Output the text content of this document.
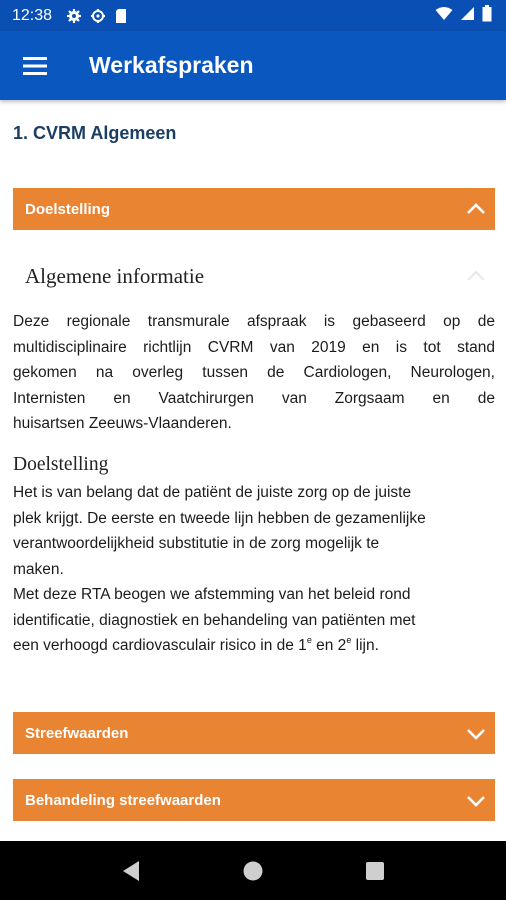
12:38
Werkafspraken
1. CVRM Algemeen
Doelstelling
Algemene informatie
Deze regionale transmurale afspraak is gebaseerd op de
multidisciplinaire richtlijn CVRM van 2019 en is tot stand
gekomen na overleg tussen de Cardiologen, Neurologen,
Internisten en Vaatchirurgen van Zorgsaam en de
huisartsen Zeeuws-Vlaanderen.
Doelstelling
Het is van belang dat de patiënt de juiste zorg op de juiste
plek krijgt. De eerste en tweede lijn hebben de gezamenlijke
verantwoordelijkheid substitutie in de zorg mogelijk te
maken.
Met deze RTA beogen we afstemming van het beleid rond
identificatie, diagnostiek en behandeling van patiënten met
een verhoogd cardiovasculair risico in de 1e en 2e lijn.
Streefwaarden
Behandeling streefwaarden
